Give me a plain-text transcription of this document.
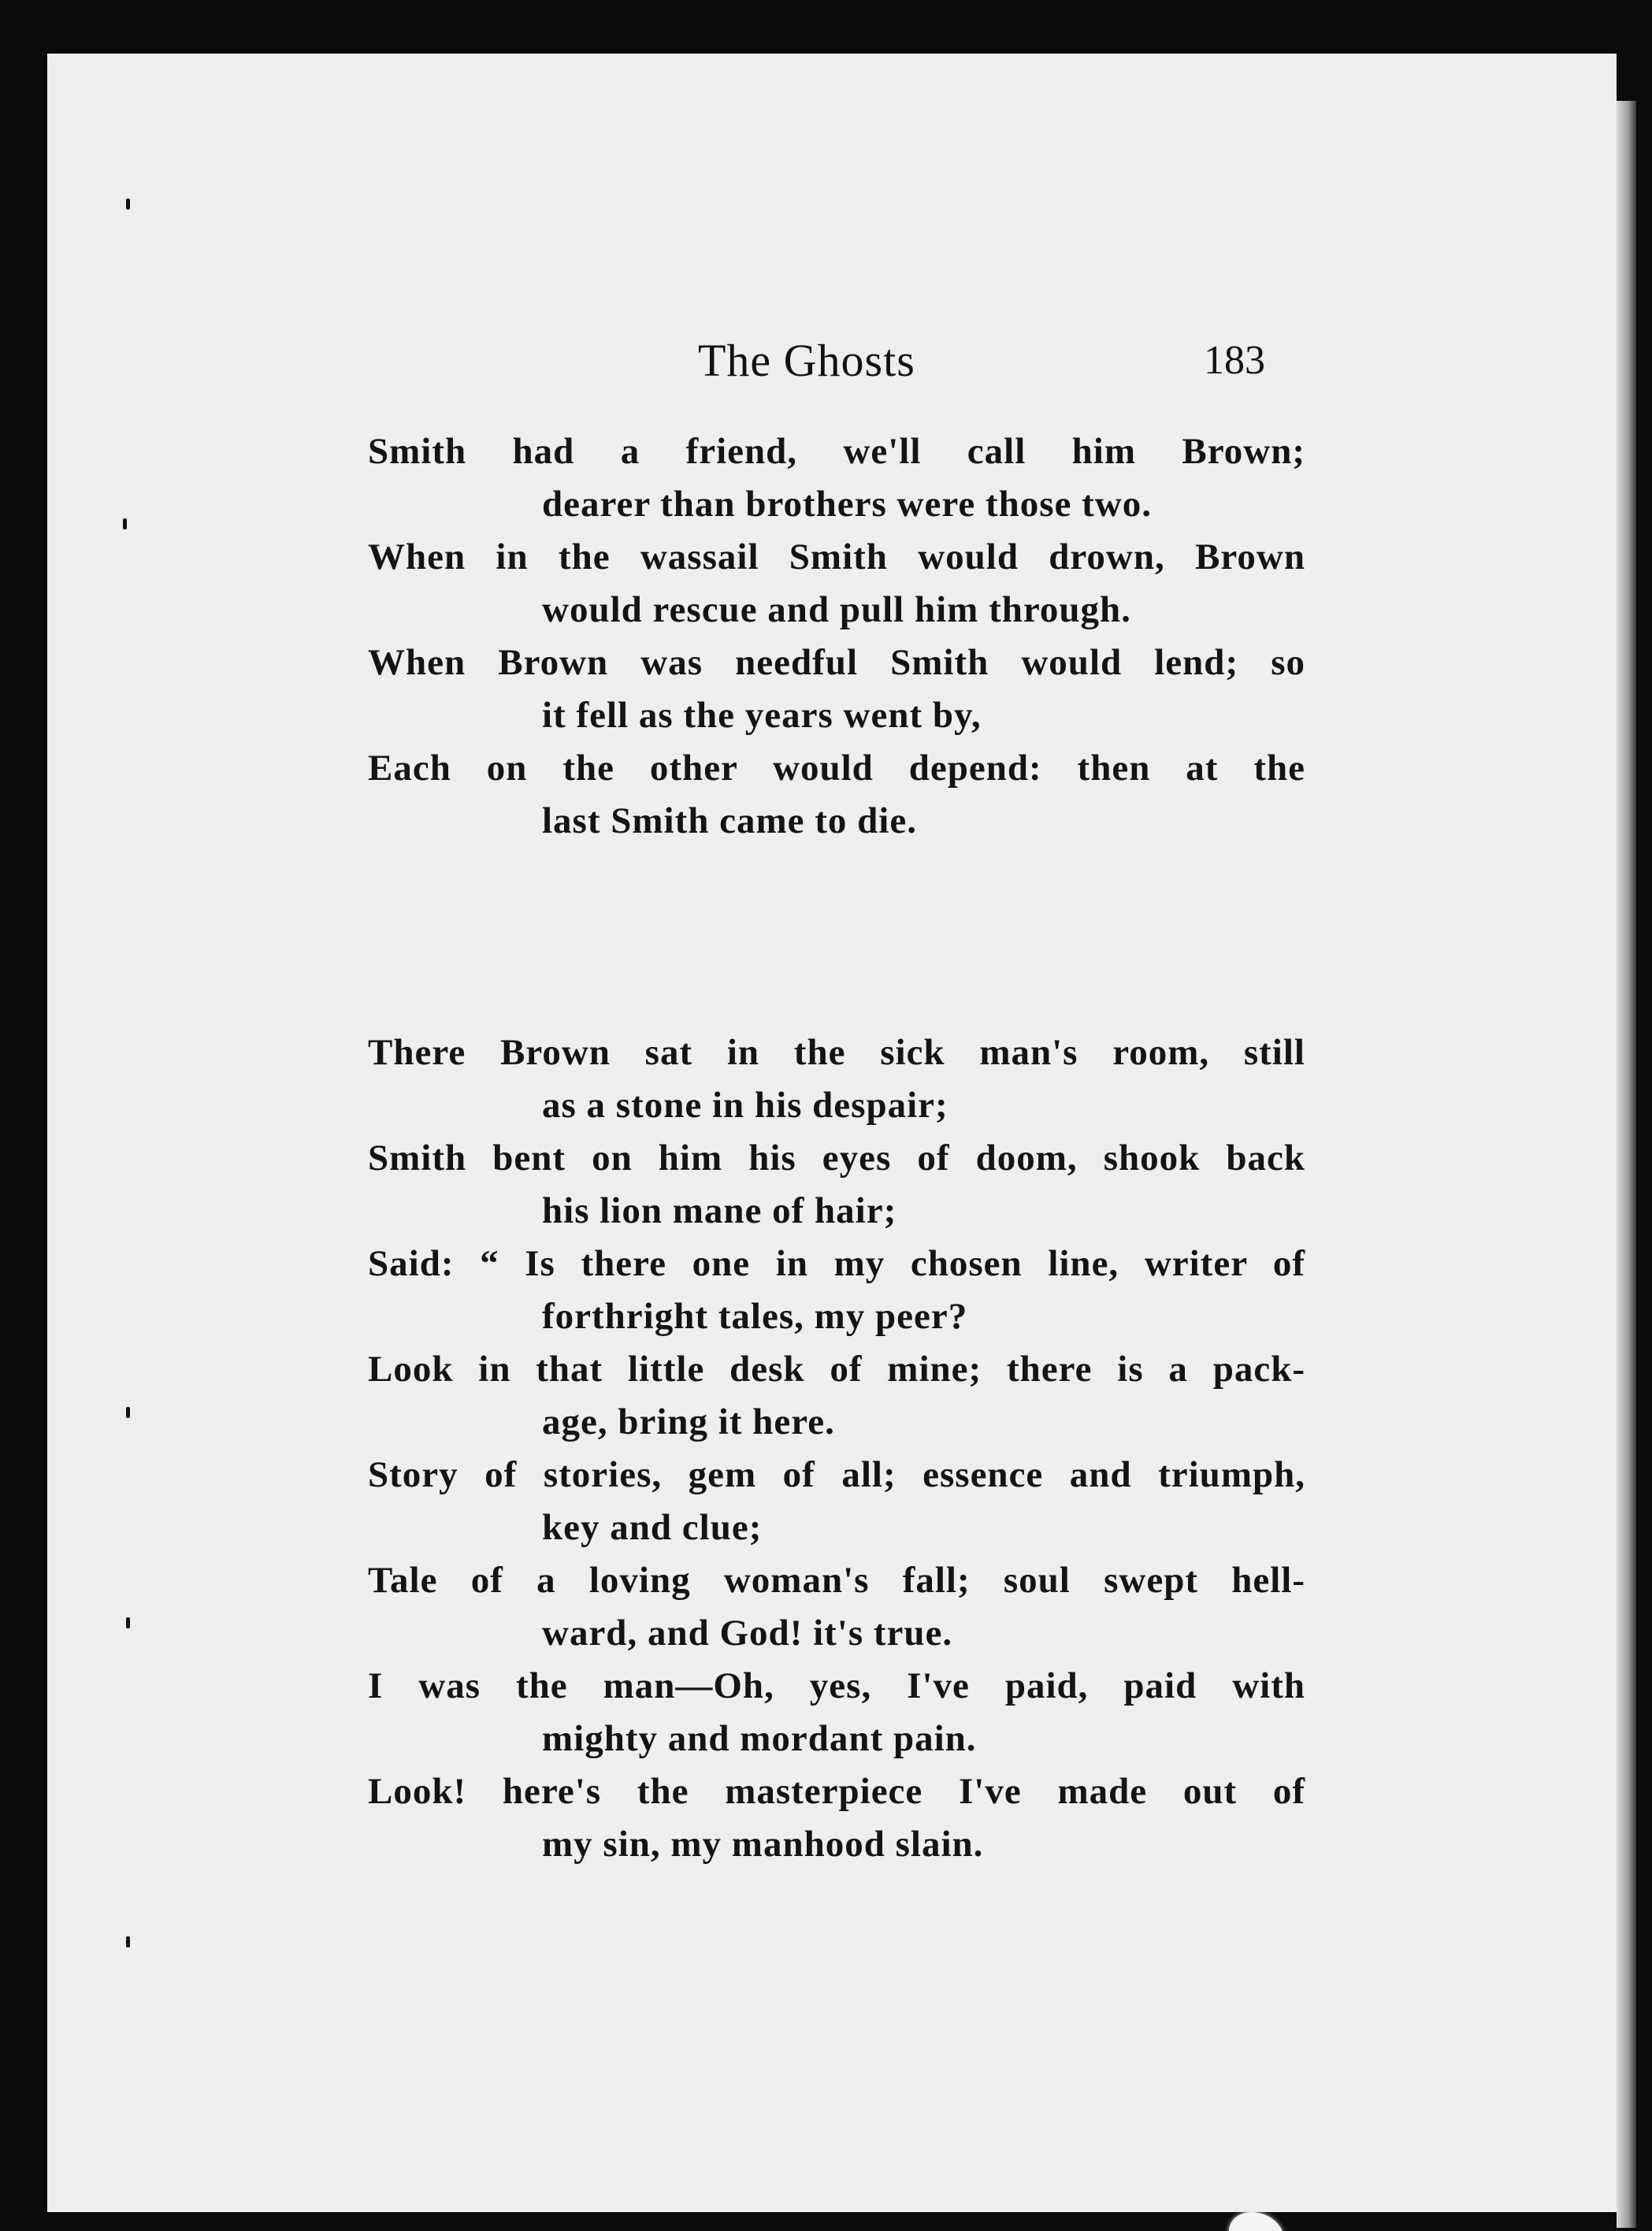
The Ghosts	183
Smith had a friend, we'll call him Brown;
dearer than brothers were those two.
When in the wassail Smith would drown, Brown
would rescue and pull him through.
When Brown was needful Smith would lend; so
it fell as the years went by,
Each on the other would depend: then at the
last Smith came to die.
There Brown sat in the sick man's room, still
as a stone in his despair;
Smith bent on him his eyes of doom, shook back
his lion mane of hair;
Said: “ Is there one in my chosen line, writer of
forthright tales, my peer?
Look in that little desk of mine; there is a pack-
age, bring it here.
Story of stories, gem of all; essence and triumph,
key and clue;
Tale of a loving woman's fall; soul swept hell-
ward, and God! it's true.
I was the man—Oh, yes, I've paid, paid with
mighty and mordant pain.
Look! here's the masterpiece I've made out of
my sin, my manhood slain.
